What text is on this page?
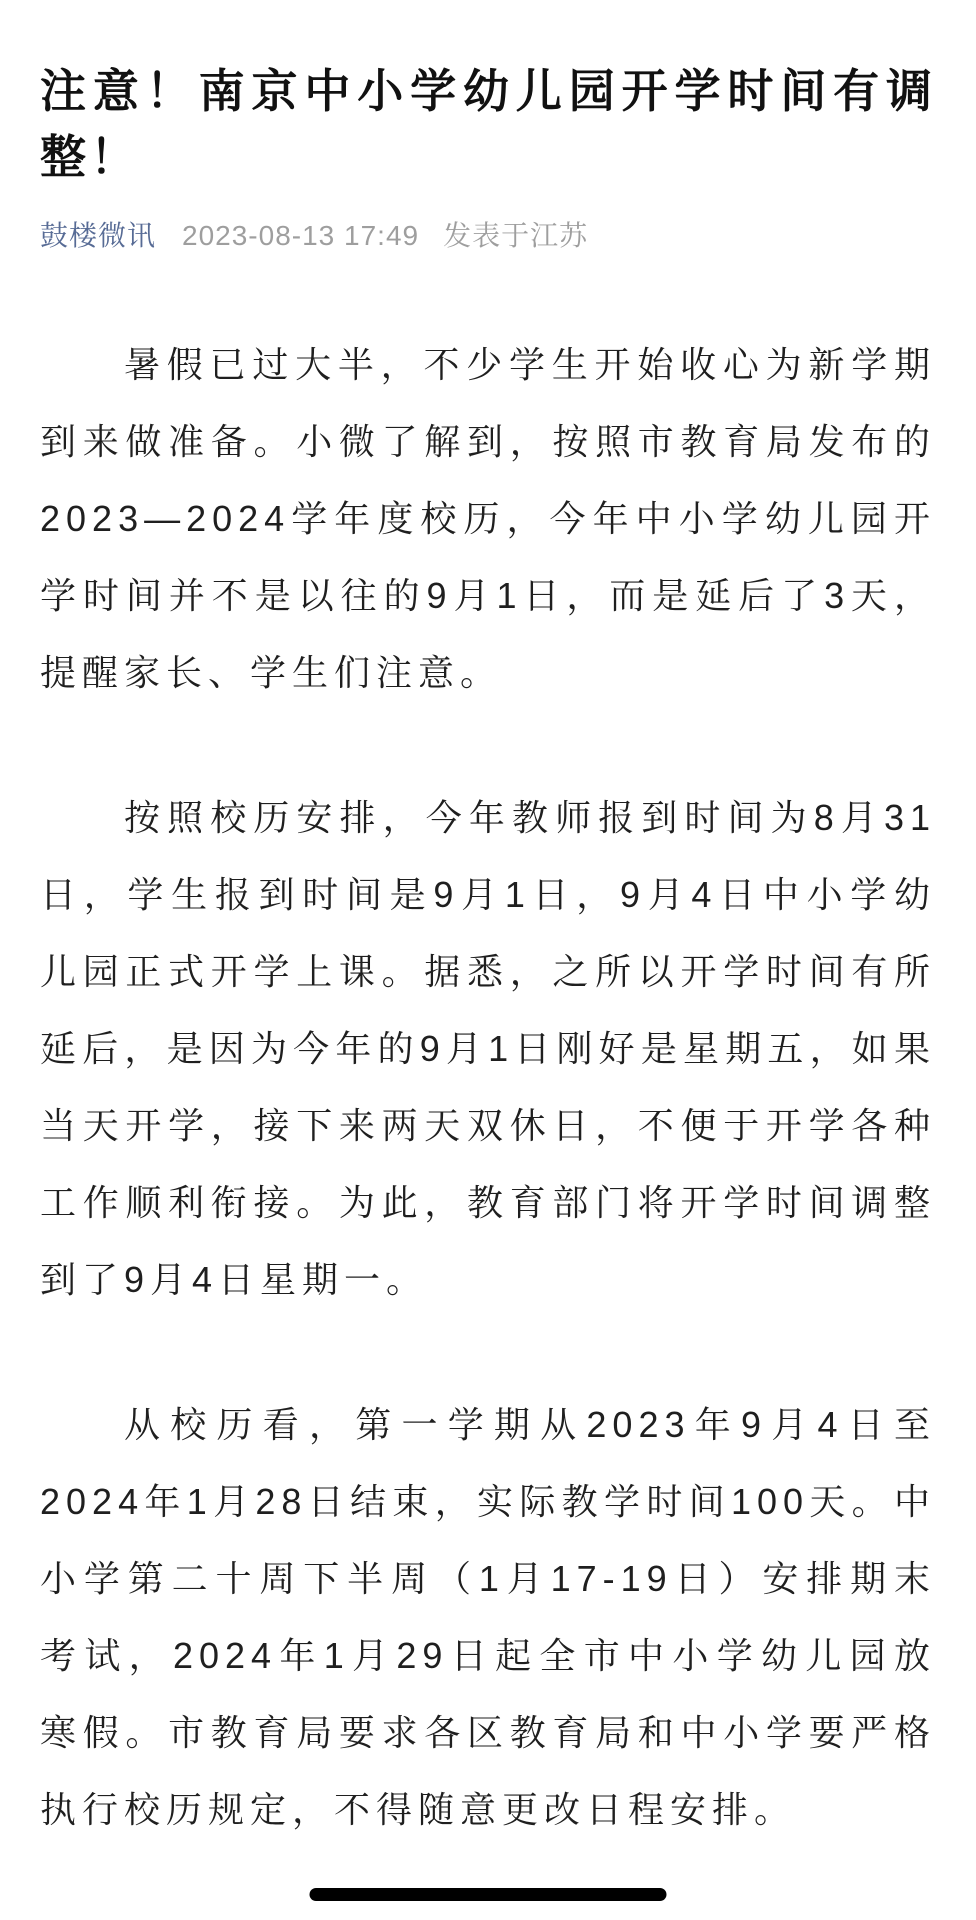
注意！南京中小学幼儿园开学时间有调整！
鼓楼微讯 2023-08-13 17:49 发表于江苏

暑假已过大半，不少学生开始收心为新学期到来做准备。小微了解到，按照市教育局发布的2023—2024学年度校历，今年中小学幼儿园开学时间并不是以往的9月1日，而是延后了3天，提醒家长、学生们注意。

按照校历安排，今年教师报到时间为8月31日，学生报到时间是9月1日，9月4日中小学幼儿园正式开学上课。据悉，之所以开学时间有所延后，是因为今年的9月1日刚好是星期五，如果当天开学，接下来两天双休日，不便于开学各种工作顺利衔接。为此，教育部门将开学时间调整到了9月4日星期一。

从校历看，第一学期从2023年9月4日至2024年1月28日结束，实际教学时间100天。中小学第二十周下半周（1月17-19日）安排期末考试，2024年1月29日起全市中小学幼儿园放寒假。市教育局要求各区教育局和中小学要严格执行校历规定，不得随意更改日程安排。
